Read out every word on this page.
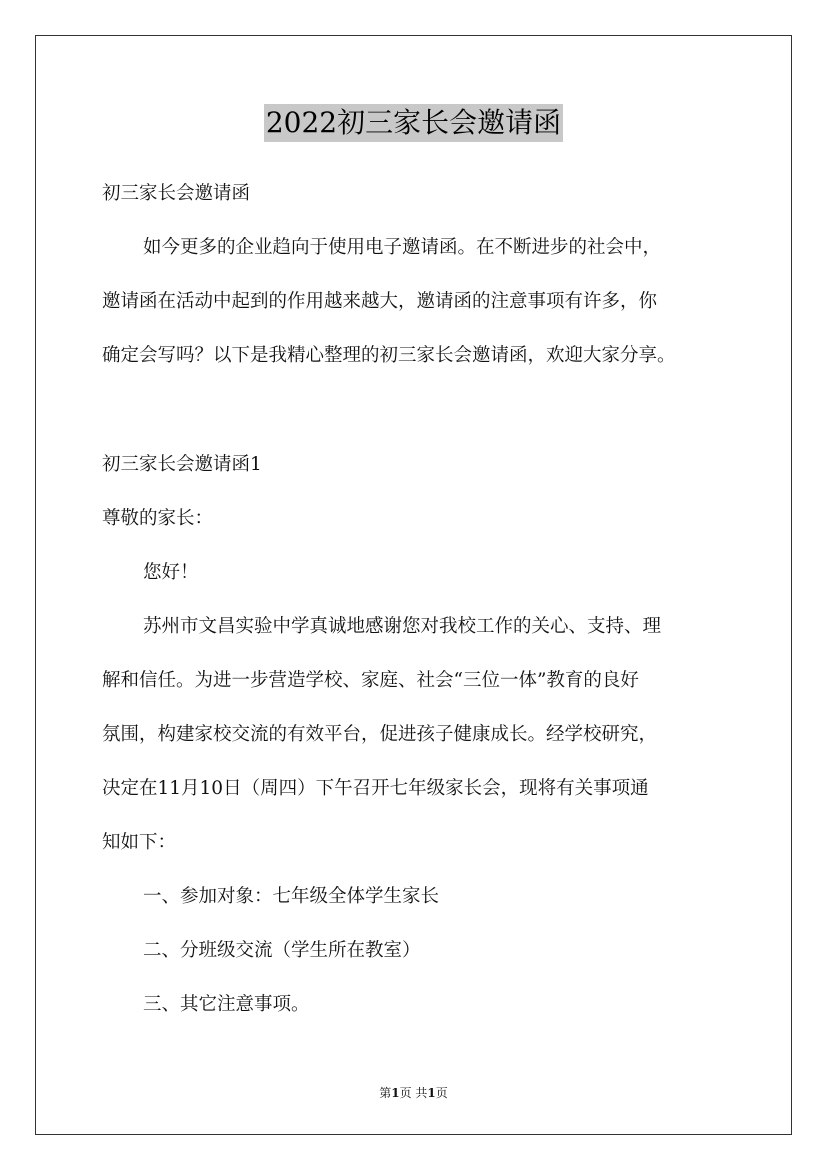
2022初三家长会邀请函
初三家长会邀请函
如今更多的企业趋向于使用电子邀请函。在不断进步的社会中，
邀请函在活动中起到的作用越来越大，邀请函的注意事项有许多，你
确定会写吗？以下是我精心整理的初三家长会邀请函，欢迎大家分享。
初三家长会邀请函1
尊敬的家长：
您好！
苏州市文昌实验中学真诚地感谢您对我校工作的关心、支持、理
解和信任。为进一步营造学校、家庭、社会“三位一体”教育的良好
氛围，构建家校交流的有效平台，促进孩子健康成长。经学校研究，
决定在11月10日（周四）下午召开七年级家长会，现将有关事项通
知如下：
一、参加对象：七年级全体学生家长
二、分班级交流（学生所在教室）
三、其它注意事项。
第1页 共1页
